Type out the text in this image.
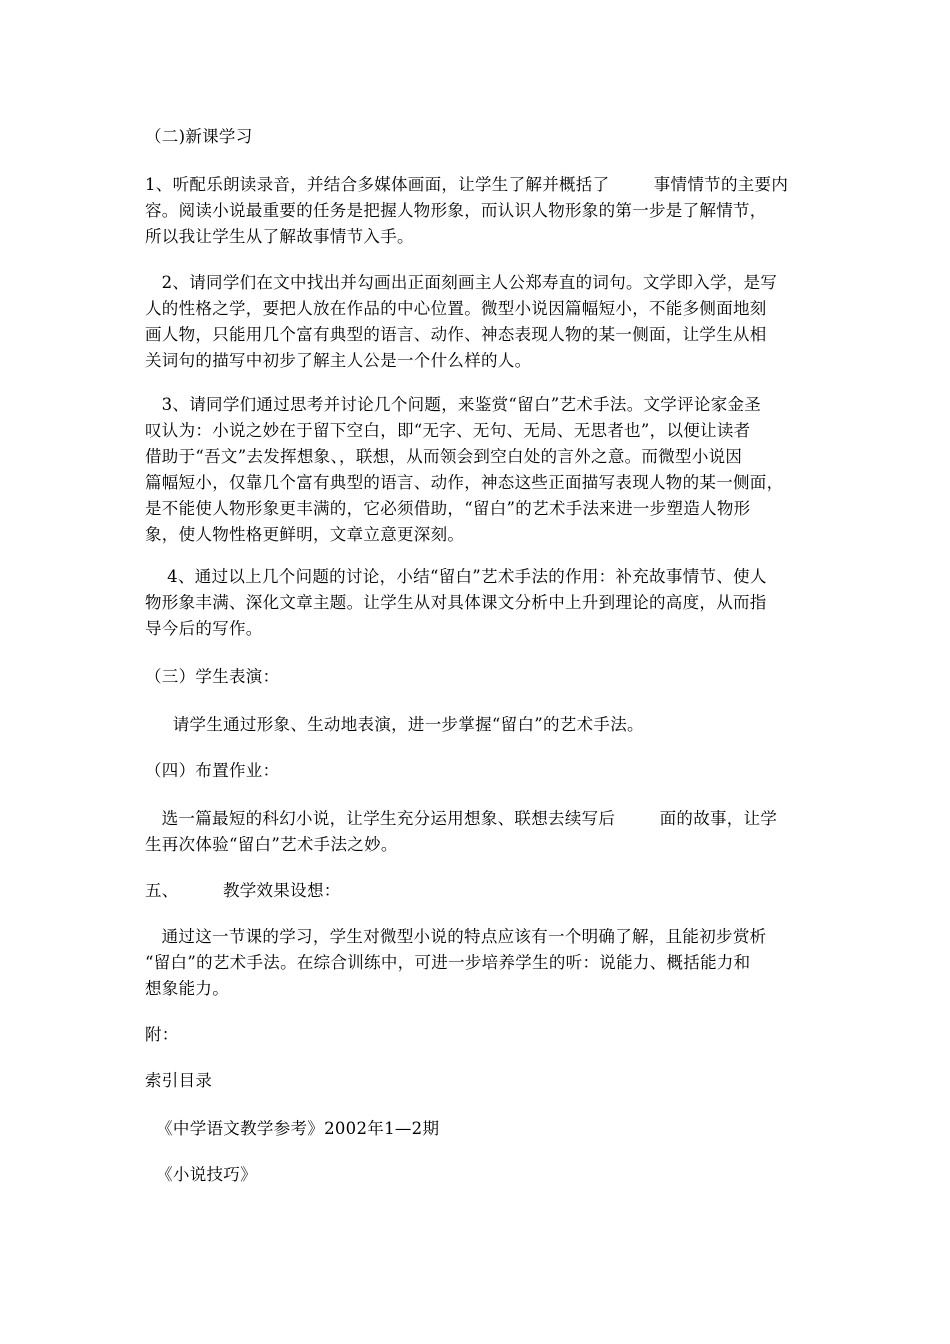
（二)新课学习
1、听配乐朗读录音，并结合多媒体画面，让学生了解并概括了        事情情节的主要内
容。阅读小说最重要的任务是把握人物形象，而认识人物形象的第一步是了解情节，
所以我让学生从了解故事情节入手。
2、请同学们在文中找出并勾画出正面刻画主人公郑寿直的词句。文学即入学，是写
人的性格之学，要把人放在作品的中心位置。微型小说因篇幅短小，不能多侧面地刻
画人物，只能用几个富有典型的语言、动作、神态表现人物的某一侧面，让学生从相
关词句的描写中初步了解主人公是一个什么样的人。
3、请同学们通过思考并讨论几个问题，来鉴赏“留白”艺术手法。文学评论家金圣
叹认为：小说之妙在于留下空白，即“无字、无句、无局、无思者也”，以便让读者
借助于“吾文”去发挥想象、，联想，从而领会到空白处的言外之意。而微型小说因
篇幅短小，仅靠几个富有典型的语言、动作，神态这些正面描写表现人物的某一侧面，
是不能使人物形象更丰满的，它必须借助，“留白”的艺术手法来进一步塑造人物形
象，使人物性格更鲜明，文章立意更深刻。
4、通过以上几个问题的讨论，小结“留白”艺术手法的作用：补充故事情节、使人
物形象丰满、深化文章主题。让学生从对具体课文分析中上升到理论的高度，从而指
导今后的写作。
（三）学生表演：
请学生通过形象、生动地表演，进一步掌握“留白”的艺术手法。
（四）布置作业：
选一篇最短的科幻小说，让学生充分运用想象、联想去续写后        面的故事，让学
生再次体验“留白”艺术手法之妙。
五、        教学效果设想：
通过这一节课的学习，学生对微型小说的特点应该有一个明确了解，且能初步赏析
“留白”的艺术手法。在综合训练中，可进一步培养学生的听：说能力、概括能力和
想象能力。
附：
索引目录
《中学语文教学参考》2002年1—2期
《小说技巧》
